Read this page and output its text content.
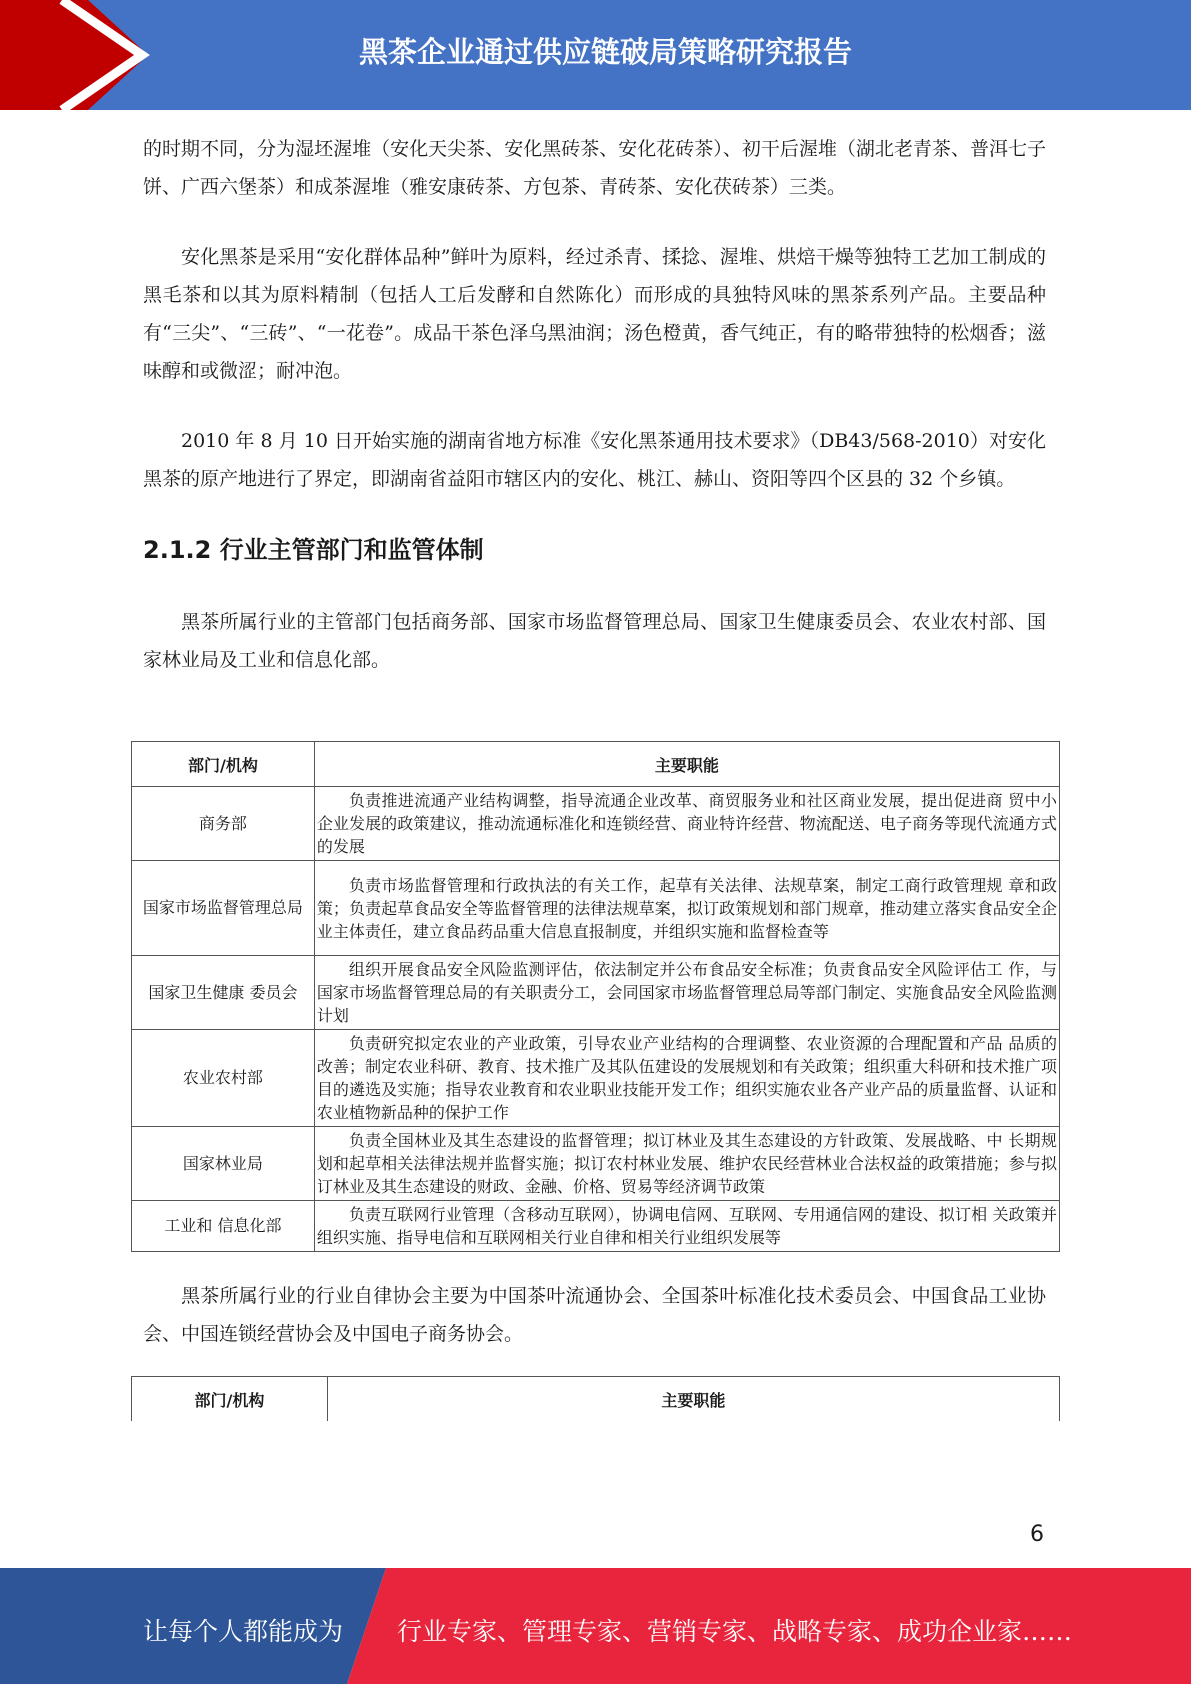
黑茶企业通过供应链破局策略研究报告

的时期不同，分为湿坯渥堆（安化天尖茶、安化黑砖茶、安化花砖茶）、初干后渥堆（湖北老青茶、普洱七子饼、广西六堡茶）和成茶渥堆（雅安康砖茶、方包茶、青砖茶、安化茯砖茶）三类。

安化黑茶是采用“安化群体品种”鲜叶为原料，经过杀青、揉捻、渥堆、烘焙干燥等独特工艺加工制成的黑毛茶和以其为原料精制（包括人工后发酵和自然陈化）而形成的具独特风味的黑茶系列产品。主要品种有“三尖”、“三砖”、“一花卷”。成品干茶色泽乌黑油润；汤色橙黄，香气纯正，有的略带独特的松烟香；滋味醇和或微涩；耐冲泡。

2010 年 8 月 10 日开始实施的湖南省地方标准《安化黑茶通用技术要求》（DB43/568-2010）对安化黑茶的原产地进行了界定，即湖南省益阳市辖区内的安化、桃江、赫山、资阳等四个区县的 32 个乡镇。

2.1.2 行业主管部门和监管体制

黑茶所属行业的主管部门包括商务部、国家市场监督管理总局、国家卫生健康委员会、农业农村部、国家林业局及工业和信息化部。

部门/机构	主要职能
商务部	负责推进流通产业结构调整，指导流通企业改革、商贸服务业和社区商业发展，提出促进商 贸中小企业发展的政策建议，推动流通标准化和连锁经营、商业特许经营、物流配送、电子商务等现代流通方式的发展
国家市场监督管理总局	负责市场监督管理和行政执法的有关工作，起草有关法律、法规草案，制定工商行政管理规 章和政策；负责起草食品安全等监督管理的法律法规草案，拟订政策规划和部门规章，推动建立落实食品安全企业主体责任，建立食品药品重大信息直报制度，并组织实施和监督检查等
国家卫生健康 委员会	组织开展食品安全风险监测评估，依法制定并公布食品安全标准；负责食品安全风险评估工 作，与国家市场监督管理总局的有关职责分工，会同国家市场监督管理总局等部门制定、实施食品安全风险监测计划
农业农村部	负责研究拟定农业的产业政策，引导农业产业结构的合理调整、农业资源的合理配置和产品 品质的改善；制定农业科研、教育、技术推广及其队伍建设的发展规划和有关政策；组织重大科研和技术推广项目的遴选及实施；指导农业教育和农业职业技能开发工作；组织实施农业各产业产品的质量监督、认证和农业植物新品种的保护工作
国家林业局	负责全国林业及其生态建设的监督管理；拟订林业及其生态建设的方针政策、发展战略、中 长期规划和起草相关法律法规并监督实施；拟订农村林业发展、维护农民经营林业合法权益的政策措施；参与拟订林业及其生态建设的财政、金融、价格、贸易等经济调节政策
工业和 信息化部	负责互联网行业管理（含移动互联网），协调电信网、互联网、专用通信网的建设、拟订相 关政策并组织实施、指导电信和互联网相关行业自律和相关行业组织发展等

黑茶所属行业的行业自律协会主要为中国茶叶流通协会、全国茶叶标准化技术委员会、中国食品工业协会、中国连锁经营协会及中国电子商务协会。

部门/机构	主要职能
6
让每个人都能成为 行业专家、管理专家、营销专家、战略专家、成功企业家……
